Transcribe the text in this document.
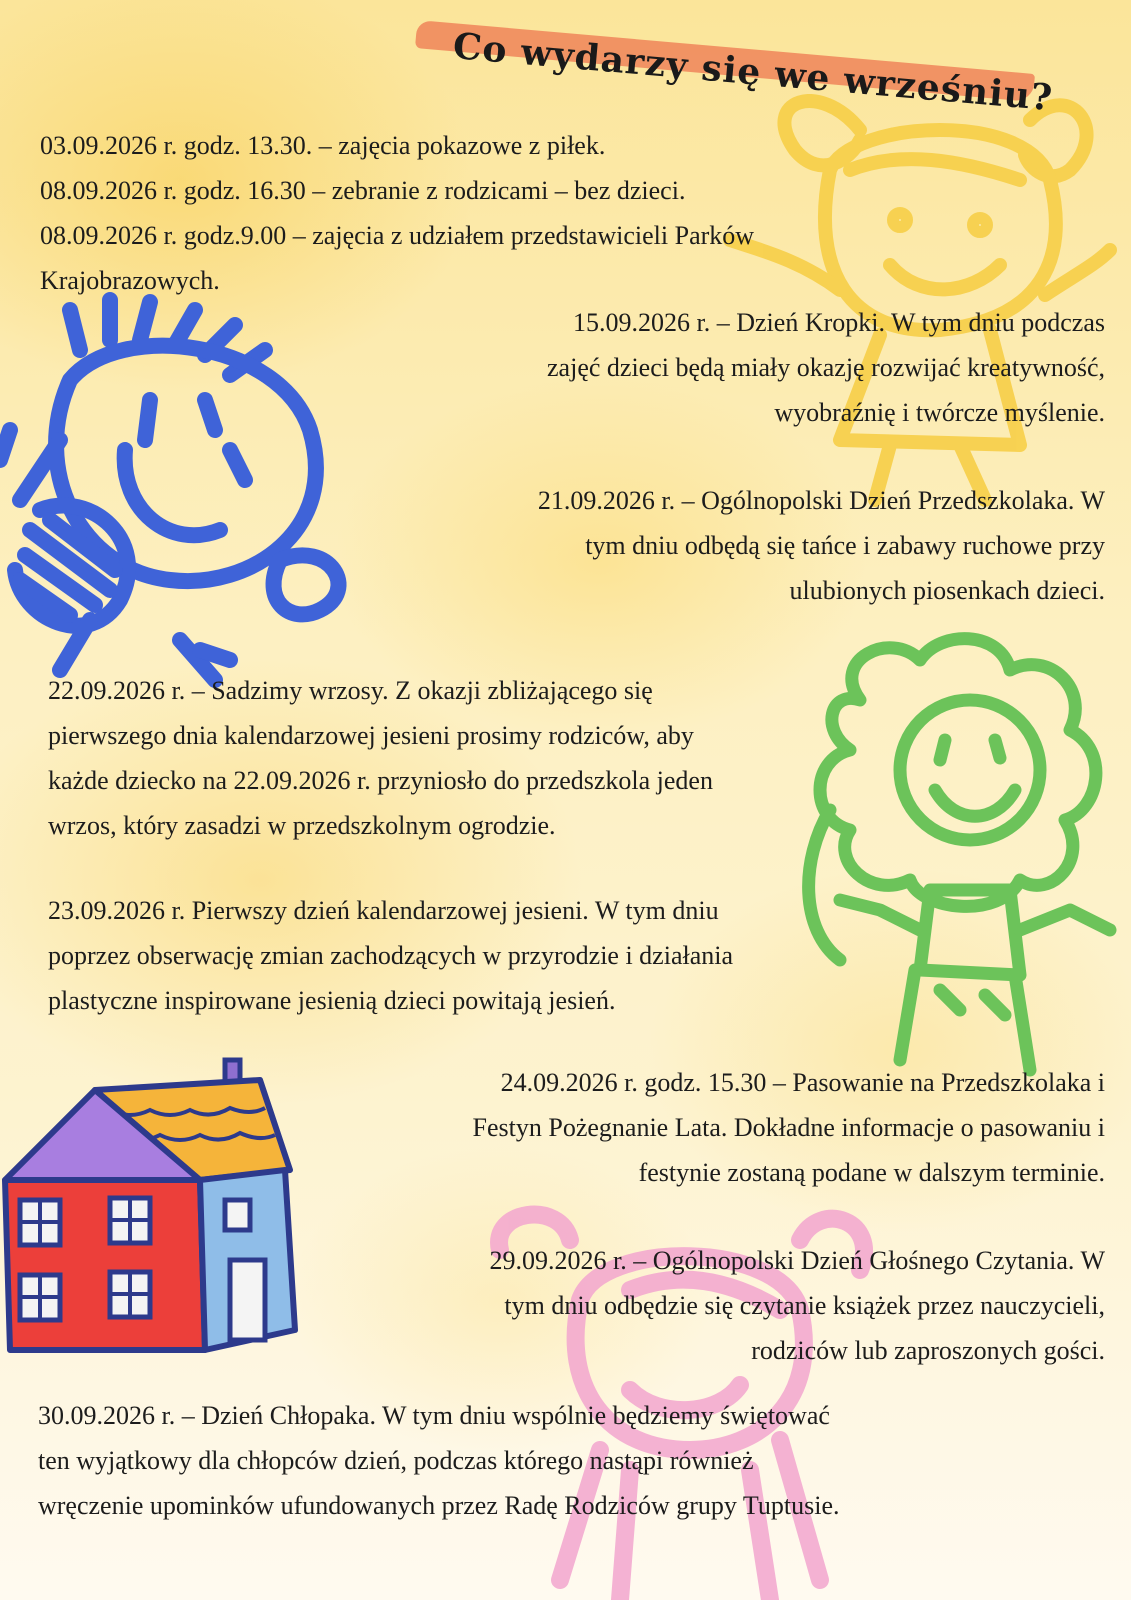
Co wydarzy się we wrześniu?
03.09.2026 r. godz. 13.30. – zajęcia pokazowe z piłek.
08.09.2026 r. godz. 16.30 – zebranie z rodzicami – bez dzieci.
08.09.2026 r. godz.9.00 – zajęcia z udziałem przedstawicieli Parków
Krajobrazowych.
15.09.2026 r. – Dzień Kropki. W tym dniu podczas
zajęć dzieci będą miały okazję rozwijać kreatywność,
wyobraźnię i twórcze myślenie.
21.09.2026 r. – Ogólnopolski Dzień Przedszkolaka. W
tym dniu odbędą się tańce i zabawy ruchowe przy
ulubionych piosenkach dzieci.
22.09.2026 r. – Sadzimy wrzosy. Z okazji zbliżającego się
pierwszego dnia kalendarzowej jesieni prosimy rodziców, aby
każde dziecko na 22.09.2026 r. przyniosło do przedszkola jeden
wrzos, który zasadzi w przedszkolnym ogrodzie.
23.09.2026 r. Pierwszy dzień kalendarzowej jesieni. W tym dniu
poprzez obserwację zmian zachodzących w przyrodzie i działania
plastyczne inspirowane jesienią dzieci powitają jesień.
24.09.2026 r. godz. 15.30 – Pasowanie na Przedszkolaka i
Festyn Pożegnanie Lata. Dokładne informacje o pasowaniu i
festynie zostaną podane w dalszym terminie.
29.09.2026 r. – Ogólnopolski Dzień Głośnego Czytania. W
tym dniu odbędzie się czytanie książek przez nauczycieli,
rodziców lub zaproszonych gości.
30.09.2026 r. – Dzień Chłopaka. W tym dniu wspólnie będziemy świętować
ten wyjątkowy dla chłopców dzień, podczas którego nastąpi również
wręczenie upominków ufundowanych przez Radę Rodziców grupy Tuptusie.
